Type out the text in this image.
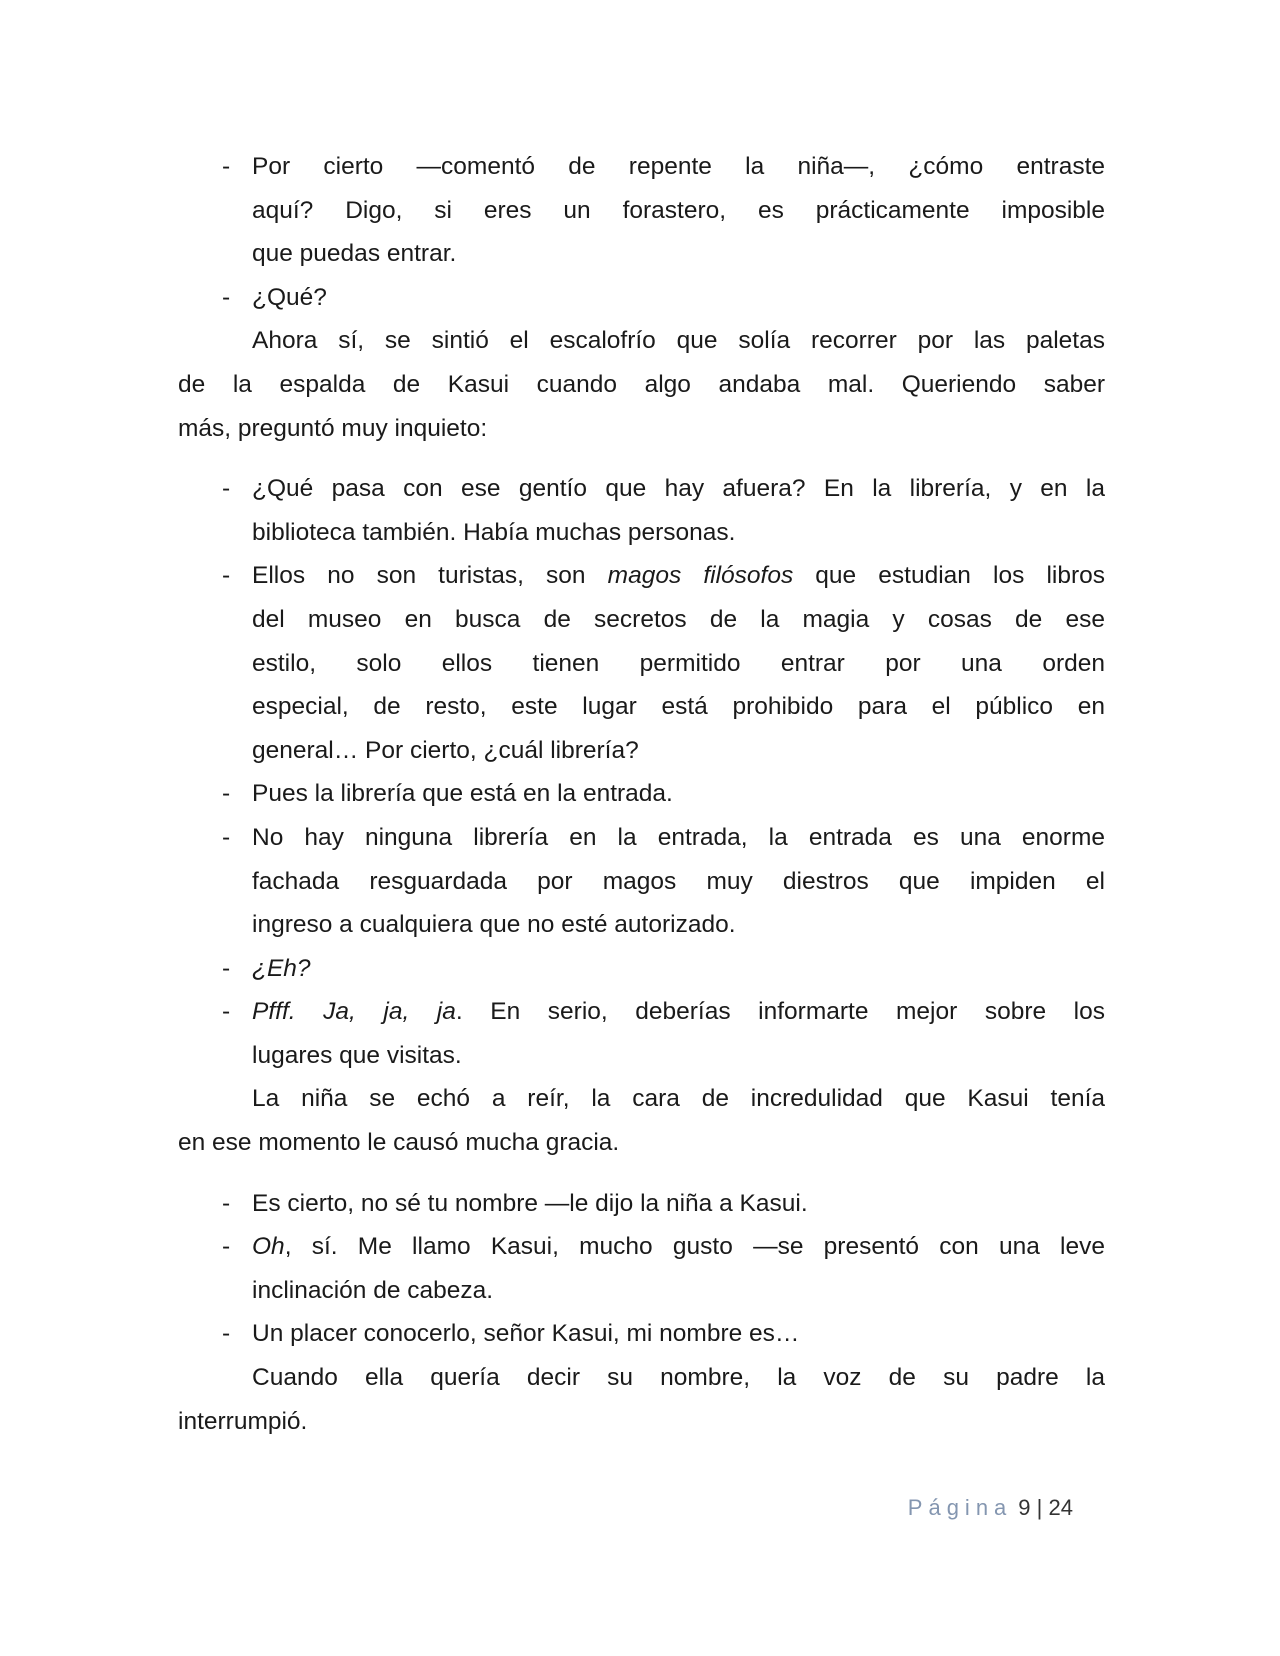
- Por cierto —comentó de repente la niña—, ¿cómo entraste
aquí? Digo, si eres un forastero, es prácticamente imposible
que puedas entrar.
- ¿Qué?
Ahora sí, se sintió el escalofrío que solía recorrer por las paletas
de la espalda de Kasui cuando algo andaba mal. Queriendo saber
más, preguntó muy inquieto:
- ¿Qué pasa con ese gentío que hay afuera? En la librería, y en la
biblioteca también. Había muchas personas.
- Ellos no son turistas, son magos filósofos que estudian los libros
del museo en busca de secretos de la magia y cosas de ese
estilo, solo ellos tienen permitido entrar por una orden
especial, de resto, este lugar está prohibido para el público en
general… Por cierto, ¿cuál librería?
- Pues la librería que está en la entrada.
- No hay ninguna librería en la entrada, la entrada es una enorme
fachada resguardada por magos muy diestros que impiden el
ingreso a cualquiera que no esté autorizado.
- ¿Eh?
- Pfff. Ja, ja, ja. En serio, deberías informarte mejor sobre los
lugares que visitas.
La niña se echó a reír, la cara de incredulidad que Kasui tenía
en ese momento le causó mucha gracia.
- Es cierto, no sé tu nombre —le dijo la niña a Kasui.
- Oh, sí. Me llamo Kasui, mucho gusto —se presentó con una leve
inclinación de cabeza.
- Un placer conocerlo, señor Kasui, mi nombre es…
Cuando ella quería decir su nombre, la voz de su padre la
interrumpió.
Página 9 | 24
